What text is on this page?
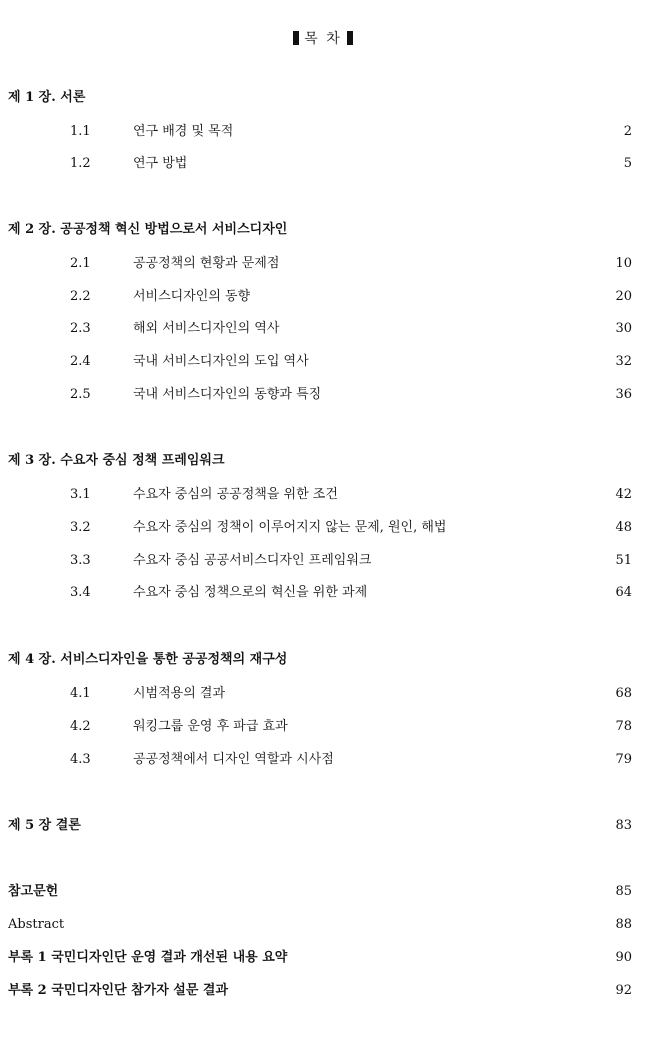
목 차
제 1 장. 서론
1.1	연구 배경 및 목적	2
1.2	연구 방법	5
제 2 장. 공공정책 혁신 방법으로서 서비스디자인
2.1	공공정책의 현황과 문제점	10
2.2	서비스디자인의 동향	20
2.3	해외 서비스디자인의 역사	30
2.4	국내 서비스디자인의 도입 역사	32
2.5	국내 서비스디자인의 동향과 특징	36
제 3 장. 수요자 중심 정책 프레임워크
3.1	수요자 중심의 공공정책을 위한 조건	42
3.2	수요자 중심의 정책이 이루어지지 않는 문제, 원인, 해법	48
3.3	수요자 중심 공공서비스디자인 프레임워크	51
3.4	수요자 중심 정책으로의 혁신을 위한 과제	64
제 4 장. 서비스디자인을 통한 공공정책의 재구성
4.1	시범적용의 결과	68
4.2	워킹그룹 운영 후 파급 효과	78
4.3	공공정책에서 디자인 역할과 시사점	79
제 5 장 결론	83
참고문헌	85
Abstract	88
부록 1 국민디자인단 운영 결과 개선된 내용 요약	90
부록 2 국민디자인단 참가자 설문 결과	92
